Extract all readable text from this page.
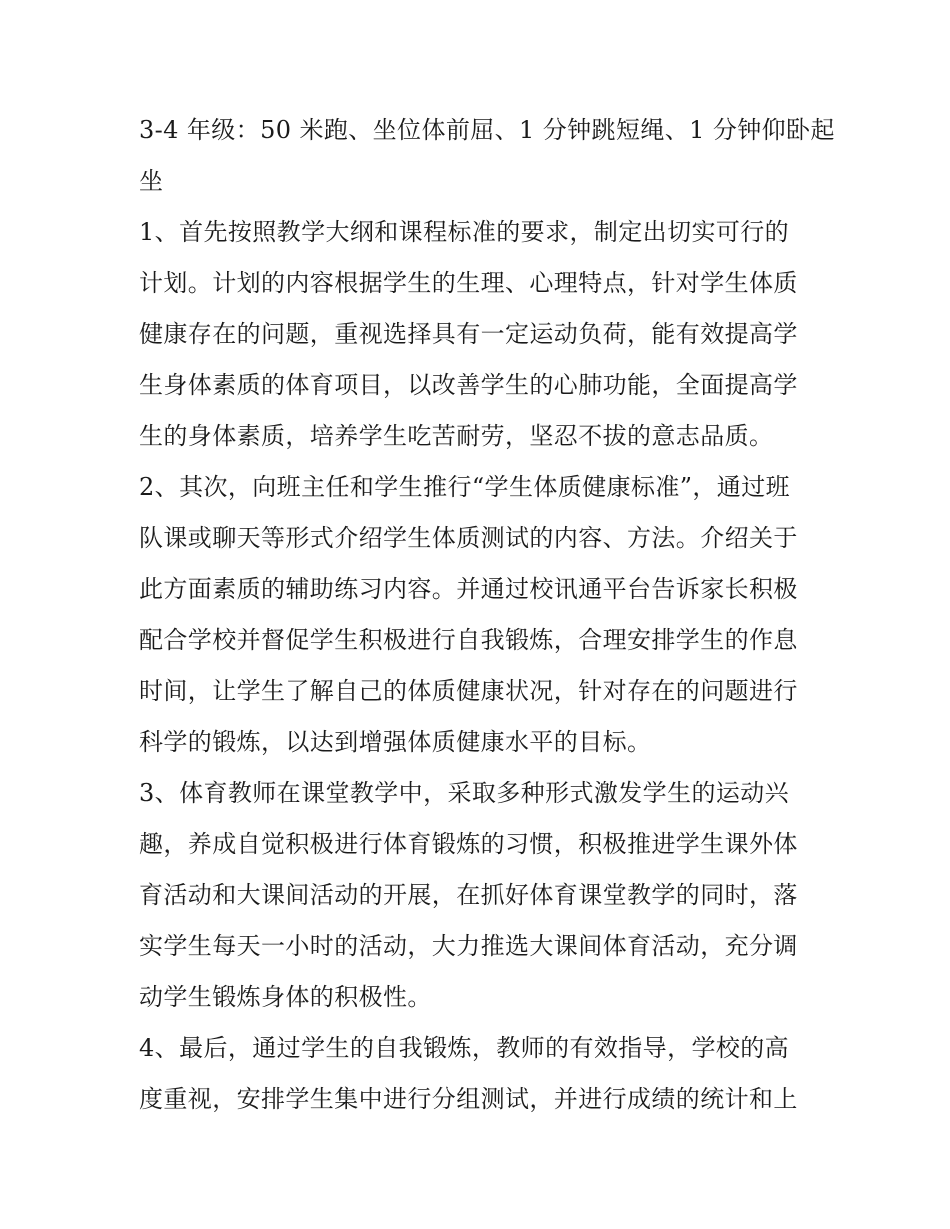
3-4 年级：50 米跑、坐位体前屈、1 分钟跳短绳、1 分钟仰卧起
坐
1、首先按照教学大纲和课程标准的要求，制定出切实可行的
计划。计划的内容根据学生的生理、心理特点，针对学生体质
健康存在的问题，重视选择具有一定运动负荷，能有效提高学
生身体素质的体育项目，以改善学生的心肺功能，全面提高学
生的身体素质，培养学生吃苦耐劳，坚忍不拔的意志品质。
2、其次，向班主任和学生推行“学生体质健康标准”，通过班
队课或聊天等形式介绍学生体质测试的内容、方法。介绍关于
此方面素质的辅助练习内容。并通过校讯通平台告诉家长积极
配合学校并督促学生积极进行自我锻炼，合理安排学生的作息
时间，让学生了解自己的体质健康状况，针对存在的问题进行
科学的锻炼，以达到增强体质健康水平的目标。
3、体育教师在课堂教学中，采取多种形式激发学生的运动兴
趣，养成自觉积极进行体育锻炼的习惯，积极推进学生课外体
育活动和大课间活动的开展，在抓好体育课堂教学的同时，落
实学生每天一小时的活动，大力推选大课间体育活动，充分调
动学生锻炼身体的积极性。
4、最后，通过学生的自我锻炼，教师的有效指导，学校的高
度重视，安排学生集中进行分组测试，并进行成绩的统计和上
